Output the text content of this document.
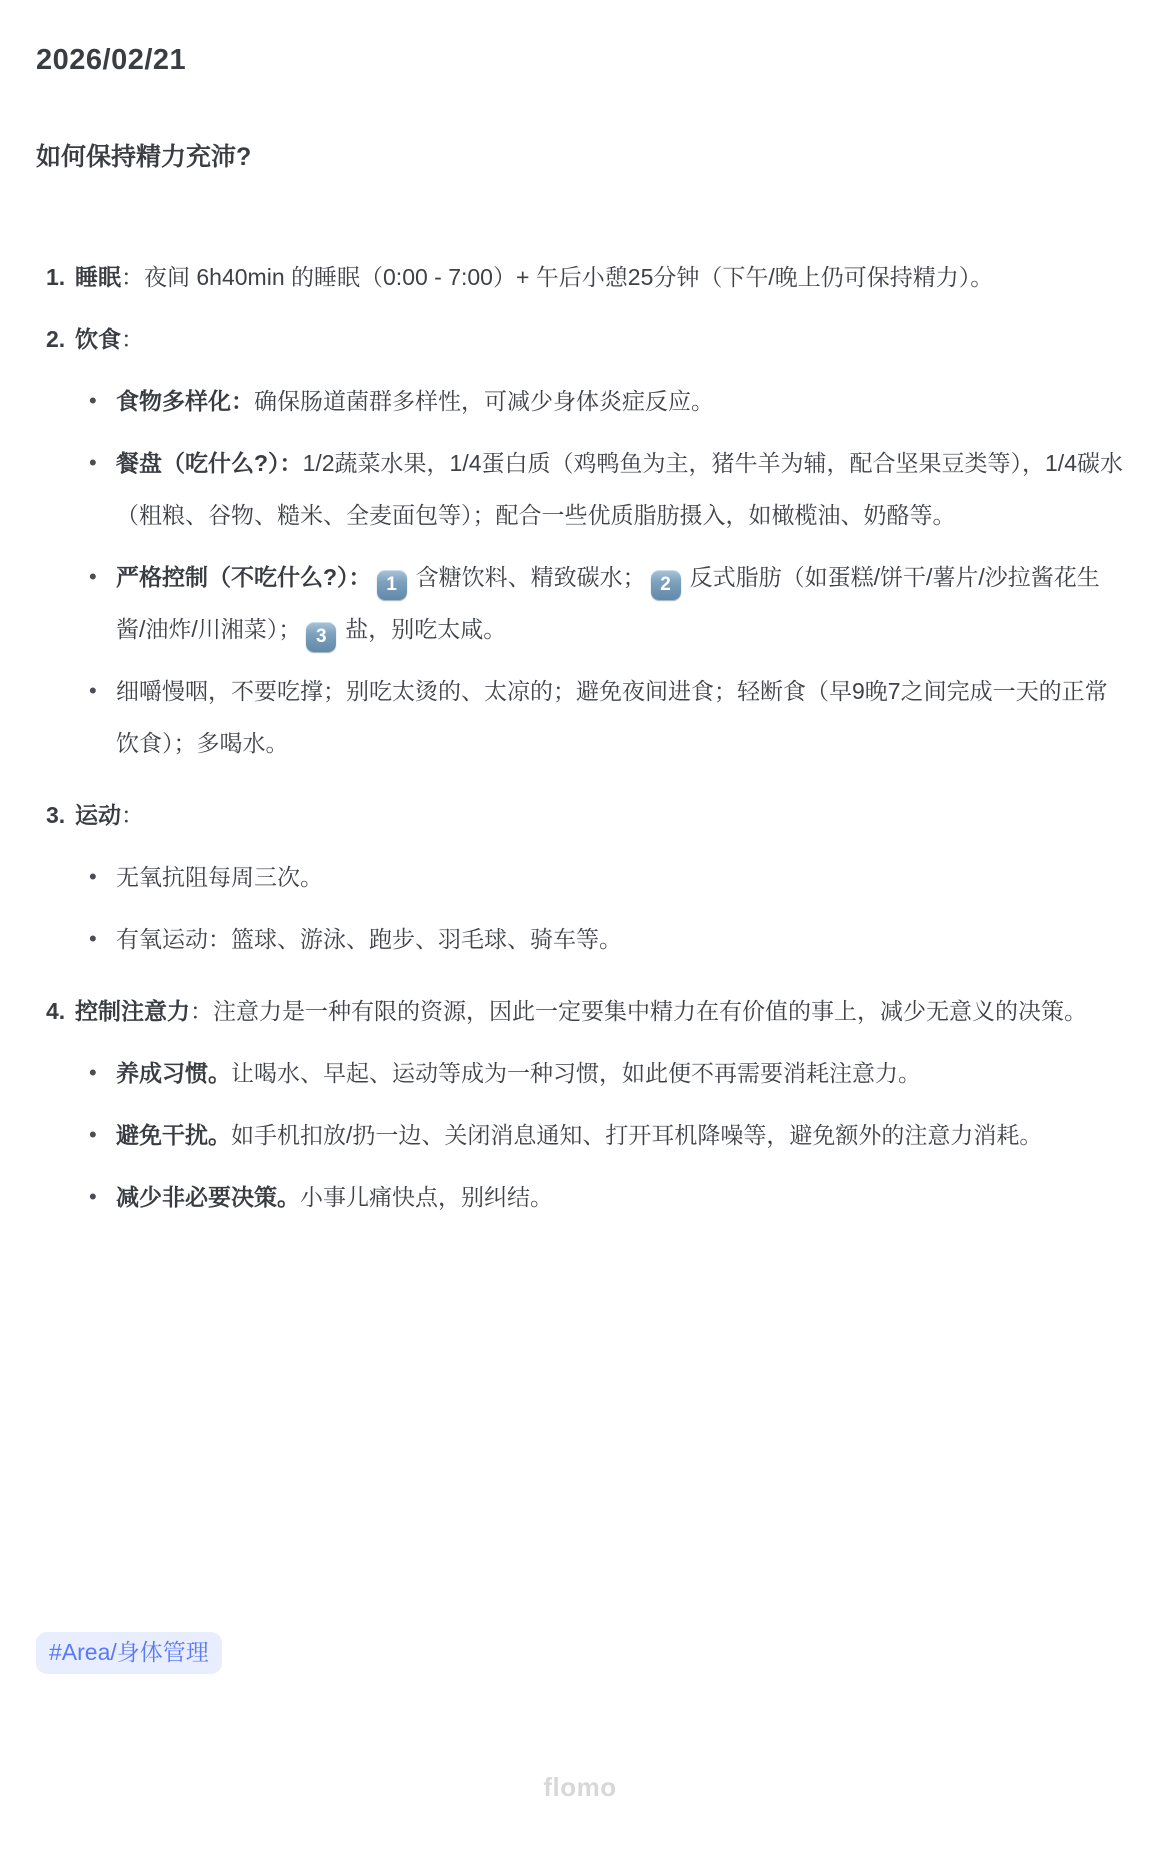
2026/02/21
如何保持精力充沛?
1. 睡眠：夜间 6h40min 的睡眠（0:00 - 7:00）+ 午后小憩25分钟（下午/晚上仍可保持精力）。
2. 饮食：
• 食物多样化：确保肠道菌群多样性，可减少身体炎症反应。
• 餐盘（吃什么?）：1/2蔬菜水果，1/4蛋白质（鸡鸭鱼为主，猪牛羊为辅，配合坚果豆类等），1/4碳水（粗粮、谷物、糙米、全麦面包等）；配合一些优质脂肪摄入，如橄榄油、奶酪等。
• 严格控制（不吃什么?）： 1 含糖饮料、精致碳水； 2 反式脂肪（如蛋糕/饼干/薯片/沙拉酱花生酱/油炸/川湘菜）； 3 盐，别吃太咸。
• 细嚼慢咽，不要吃撑；别吃太烫的、太凉的；避免夜间进食；轻断食（早9晚7之间完成一天的正常饮食）；多喝水。
3. 运动：
• 无氧抗阻每周三次。
• 有氧运动：篮球、游泳、跑步、羽毛球、骑车等。
4. 控制注意力：注意力是一种有限的资源，因此一定要集中精力在有价值的事上，减少无意义的决策。
• 养成习惯。让喝水、早起、运动等成为一种习惯，如此便不再需要消耗注意力。
• 避免干扰。如手机扣放/扔一边、关闭消息通知、打开耳机降噪等，避免额外的注意力消耗。
• 减少非必要决策。小事儿痛快点，别纠结。
#Area/身体管理
flomo
